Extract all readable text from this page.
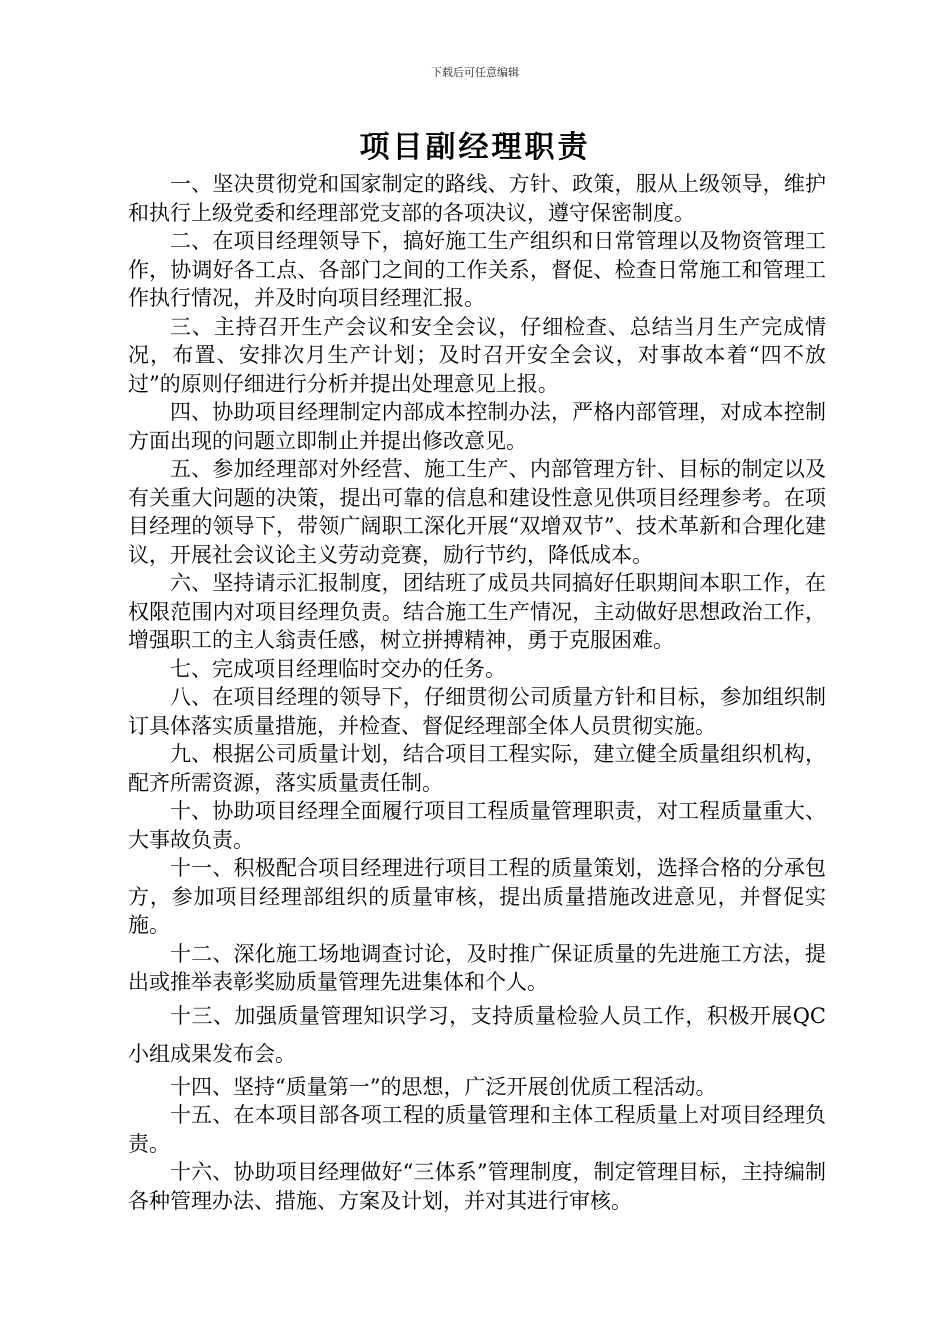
下载后可任意编辑
项目副经理职责

一、坚决贯彻党和国家制定的路线、方针、政策，服从上级领导，维护和执行上级党委和经理部党支部的各项决议，遵守保密制度。

二、在项目经理领导下，搞好施工生产组织和日常管理以及物资管理工作，协调好各工点、各部门之间的工作关系，督促、检查日常施工和管理工作执行情况，并及时向项目经理汇报。

三、主持召开生产会议和安全会议，仔细检查、总结当月生产完成情况，布置、安排次月生产计划；及时召开安全会议，对事故本着“四不放过”的原则仔细进行分析并提出处理意见上报。

四、协助项目经理制定内部成本控制办法，严格内部管理，对成本控制方面出现的问题立即制止并提出修改意见。

五、参加经理部对外经营、施工生产、内部管理方针、目标的制定以及有关重大问题的决策，提出可靠的信息和建设性意见供项目经理参考。在项目经理的领导下，带领广阔职工深化开展“双增双节”、技术革新和合理化建议，开展社会议论主义劳动竞赛，励行节约，降低成本。

六、坚持请示汇报制度，团结班了成员共同搞好任职期间本职工作，在权限范围内对项目经理负责。结合施工生产情况，主动做好思想政治工作，增强职工的主人翁责任感，树立拼搏精神，勇于克服困难。

七、完成项目经理临时交办的任务。

八、在项目经理的领导下，仔细贯彻公司质量方针和目标，参加组织制订具体落实质量措施，并检查、督促经理部全体人员贯彻实施。

九、根据公司质量计划，结合项目工程实际，建立健全质量组织机构，配齐所需资源，落实质量责任制。

十、协助项目经理全面履行项目工程质量管理职责，对工程质量重大、大事故负责。

十一、积极配合项目经理进行项目工程的质量策划，选择合格的分承包方，参加项目经理部组织的质量审核，提出质量措施改进意见，并督促实施。

十二、深化施工场地调查讨论，及时推广保证质量的先进施工方法，提出或推举表彰奖励质量管理先进集体和个人。

十三、加强质量管理知识学习，支持质量检验人员工作，积极开展QC小组成果发布会。

十四、坚持“质量第一”的思想，广泛开展创优质工程活动。

十五、在本项目部各项工程的质量管理和主体工程质量上对项目经理负责。

十六、协助项目经理做好“三体系”管理制度，制定管理目标，主持编制各种管理办法、措施、方案及计划，并对其进行审核。
